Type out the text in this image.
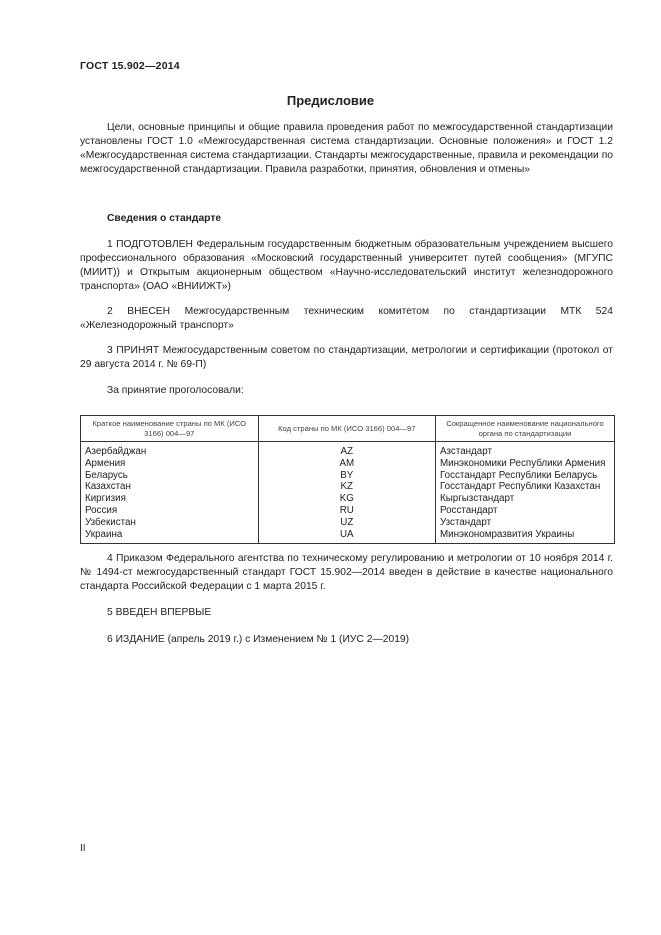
ГОСТ 15.902—2014
Предисловие
Цели, основные принципы и общие правила проведения работ по межгосударственной стандартизации установлены ГОСТ 1.0 «Межгосударственная система стандартизации. Основные положения» и ГОСТ 1.2 «Межгосударственная система стандартизации. Стандарты межгосударственные, правила и рекомендации по межгосударственной стандартизации. Правила разработки, принятия, обновления и отмены»
Сведения о стандарте
1 ПОДГОТОВЛЕН Федеральным государственным бюджетным образовательным учреждением высшего профессионального образования «Московский государственный университет путей сообщения» (МГУПС (МИИТ)) и Открытым акционерным обществом «Научно-исследовательский институт железнодорожного транспорта» (ОАО «ВНИИЖТ»)
2 ВНЕСЕН Межгосударственным техническим комитетом по стандартизации МТК 524 «Железнодорожный транспорт»
3 ПРИНЯТ Межгосударственным советом по стандартизации, метрологии и сертификации (протокол от 29 августа 2014 г. № 69-П)
За принятие проголосовали:
Краткое наименование страны по МК (ИСО 3166) 004—97	Код страны по МК (ИСО 3166) 004—97	Сокращенное наименование национального органа по стандартизации
Азербайджан	AZ	Азстандарт
Армения	AM	Минэкономики Республики Армения
Беларусь	BY	Госстандарт Республики Беларусь
Казахстан	KZ	Госстандарт Республики Казахстан
Киргизия	KG	Кыргызстандарт
Россия	RU	Росстандарт
Узбекистан	UZ	Узстандарт
Украина	UA	Минэкономразвития Украины
4 Приказом Федерального агентства по техническому регулированию и метрологии от 10 ноября 2014 г. № 1494-ст межгосударственный стандарт ГОСТ 15.902—2014 введен в действие в качестве национального стандарта Российской Федерации с 1 марта 2015 г.
5 ВВЕДЕН ВПЕРВЫЕ
6 ИЗДАНИЕ (апрель 2019 г.) с Изменением № 1 (ИУС 2—2019)
II
